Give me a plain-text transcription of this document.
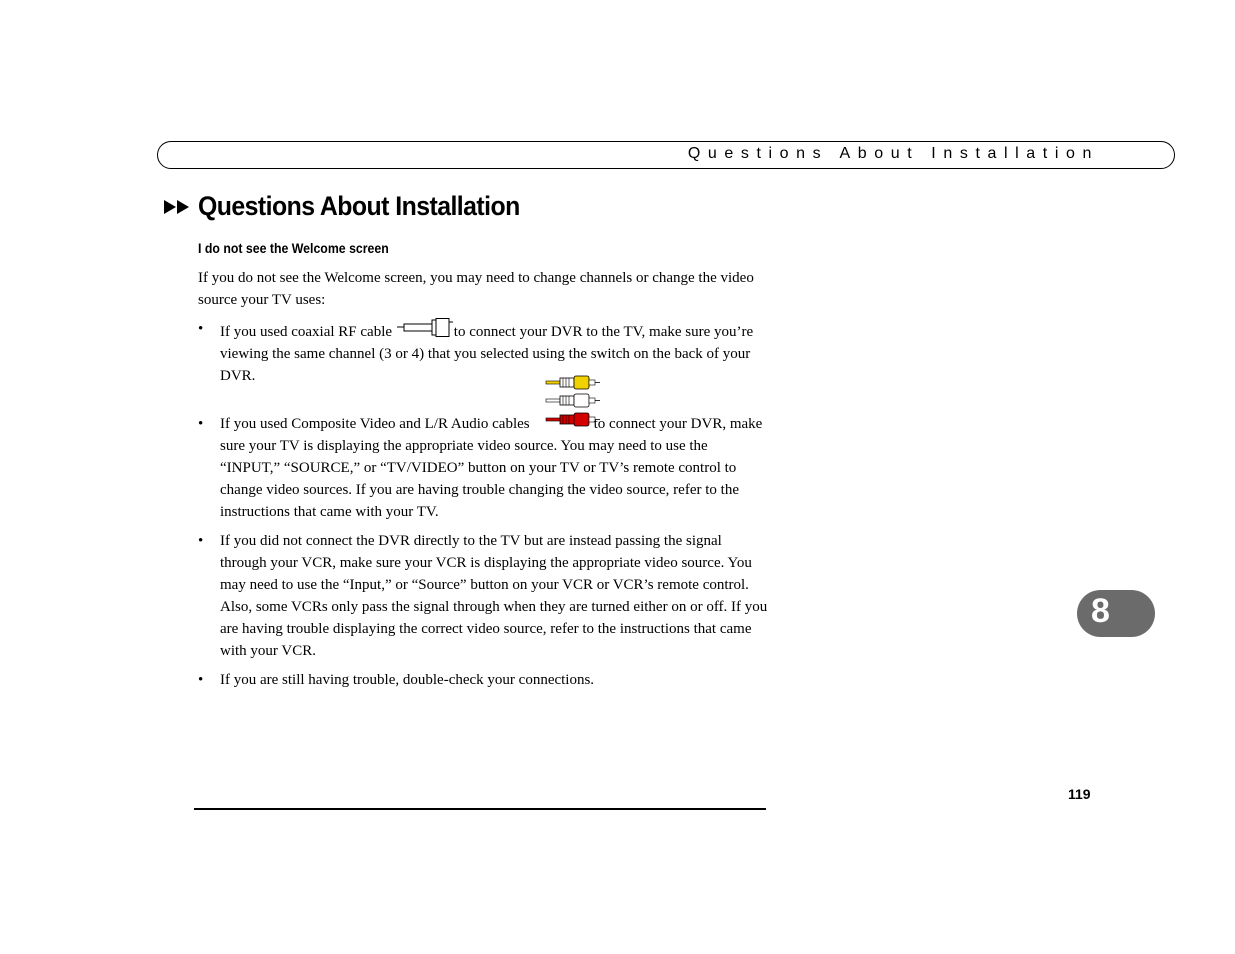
Questions About Installation
Questions About Installation
I do not see the Welcome screen

If you do not see the Welcome screen, you may need to change channels or change the video source your TV uses:

• If you used coaxial RF cable	to connect your DVR to the TV, make sure you’re viewing the same channel (3 or 4) that you selected using the switch on the back of your DVR.
• If you used Composite Video and L/R Audio cables	to connect your DVR, make sure your TV is displaying the appropriate video source. You may need to use the “INPUT,” “SOURCE,” or “TV/VIDEO” button on your TV or TV’s remote control to change video sources. If you are having trouble changing the video source, refer to the instructions that came with your TV.
• If you did not connect the DVR directly to the TV but are instead passing the signal through your VCR, make sure your VCR is displaying the appropriate video source. You may need to use the “Input,” or “Source” button on your VCR or VCR’s remote control. Also, some VCRs only pass the signal through when they are turned either on or off. If you are having trouble displaying the correct video source, refer to the instructions that came with your VCR.
• If you are still having trouble, double-check your connections.
119
8
